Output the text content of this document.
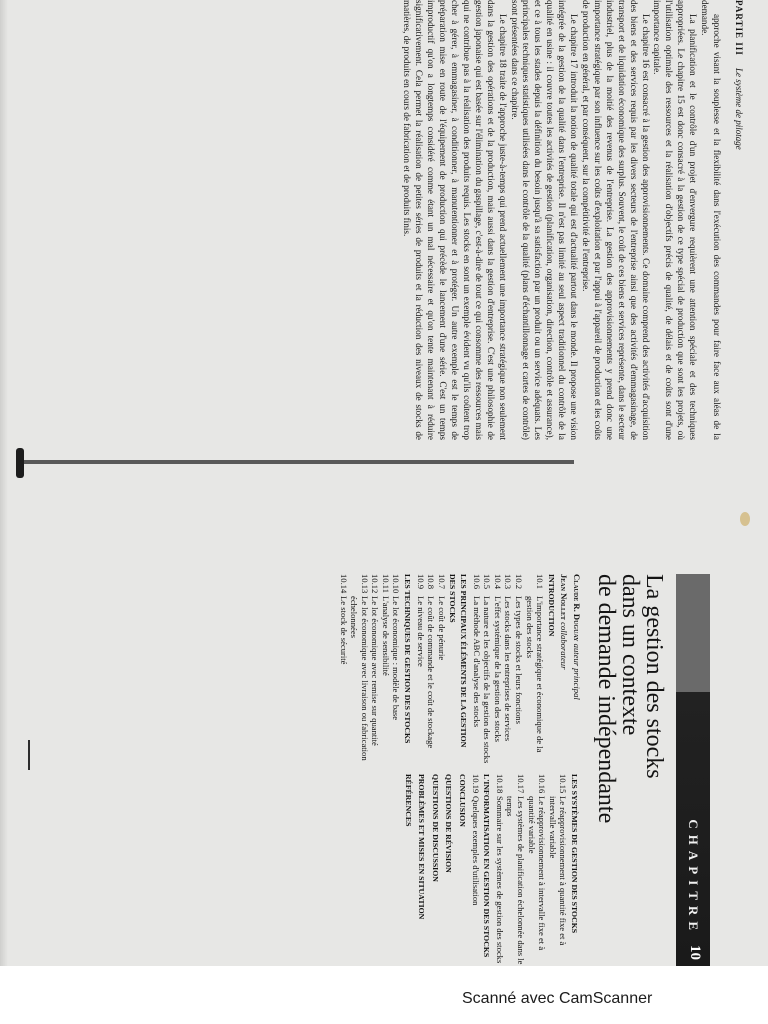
PARTIE III Le système de pilotage

approche visant la souplesse et la flexibilité dans l'exécution des commandes pour faire face aux aléas de la demande.

La planification et le contrôle d'un projet d'envergure requièrent une attention spéciale et des techniques appropriées. Le chapitre 15 est donc consacré à la gestion de ce type spécial de production que sont les projets, où l'utilisation optimale des ressources et la réalisation d'objectifs précis de qualité, de délais et de coûts sont d'une importance capitale.

Le chapitre 16 est consacré à la gestion des approvisionnements. Ce domaine comprend des activités d'acquisition des biens et des services requis par les divers secteurs de l'entreprise ainsi que des activités d'emmagasinage, de transport et de liquidation économique des surplus. Souvent, le coût de ces biens et services représente, dans le secteur industriel, plus de la moitié des revenus de l'entreprise. La gestion des approvisionnements y prend donc une importance stratégique par son influence sur les coûts d'exploitation et par l'appui à l'appareil de production et les coûts de production en général, et par conséquent, sur la compétitivité de l'entreprise.

Le chapitre 17 introduit la notion de qualité totale qui est d'actualité partout dans le monde. Il propose une vision intégrée de la gestion de la qualité dans l'entreprise. Il n'est pas limité au seul aspect traditionnel du contrôle de la qualité en usine : il couvre toutes les activités de gestion (planification, organisation, direction, contrôle et assurance), et ce à tous les stades depuis la définition du besoin jusqu'à sa satisfaction par un produit ou un service adéquats. Les principales techniques statistiques utilisées dans le contrôle de la qualité (plans d'échantillonnage et cartes de contrôle) sont présentées dans ce chapitre.

Le chapitre 18 traite de l'approche juste-à-temps qui prend actuellement une importance stratégique non seulement dans la gestion des opérations et de la production, mais aussi dans la gestion d'entreprise. C'est une philosophie de gestion japonaise qui est basée sur l'élimination du gaspillage, c'est-à-dire de tout ce qui consomme des ressources mais qui ne contribue pas à la réalisation des produits requis. Les stocks en sont un exemple évident vu qu'ils coûtent trop cher à gérer, à emmagasiner, à conditionner, à manutentionner et à protéger. Un autre exemple est le temps de préparation mise en route de l'équipement de production qui précède le lancement d'une série. C'est un temps improductif qu'on a longtemps considéré comme étant un mal nécessaire et qu'on tente maintenant à réduire significativement. Cela permet la réalisation de petites séries de produits et la réduction des niveaux de stocks de matières, de produits en cours de fabrication et de produits finis.

CHAPITRE
10
La gestion des stocks
dans un contexte
de demande indépendante
Claude R. Duguay auteur principal
Jean Nollet collaborateur
INTRODUCTION
10.1
L'importance stratégique et économique de la gestion des stocks
10.2
Les types de stocks et leurs fonctions
10.3
Les stocks dans les entreprises de services
10.4
L'effet systémique de la gestion des stocks
10.5
La nature et les objectifs de la gestion des stocks
10.6
La méthode ABC d'analyse des stocks
LES PRINCIPAUX ÉLÉMENTS DE LA GESTION DES STOCKS
10.7
Le coût de pénurie
10.8
Le coût de commande et le coût de stockage
10.9
Le niveau de service
LES TECHNIQUES DE GESTION DES STOCKS
10.10
Le lot économique : modèle de base
10.11
L'analyse de sensibilité
10.12
Le lot économique avec remise sur quantité
10.13
Le lot économique avec livraison ou fabrication échelonnées
10.14
Le stock de sécurité
LES SYSTÈMES DE GESTION DES STOCKS
10.15
Le réapprovisionnement à quantité fixe et à intervalle variable
10.16
Le réapprovisionnement à intervalle fixe et à quantité variable
10.17
Les systèmes de planification échelonnée dans le temps
10.18
Sommaire sur les systèmes de gestion des stocks
L'INFORMATISATION EN GESTION DES STOCKS
10.19
Quelques exemples d'utilisation
CONCLUSION
QUESTIONS DE RÉVISION
QUESTIONS DE DISCUSSION
PROBLÈMES ET MISES EN SITUATION
RÉFÉRENCES
Scanné avec CamScanner
